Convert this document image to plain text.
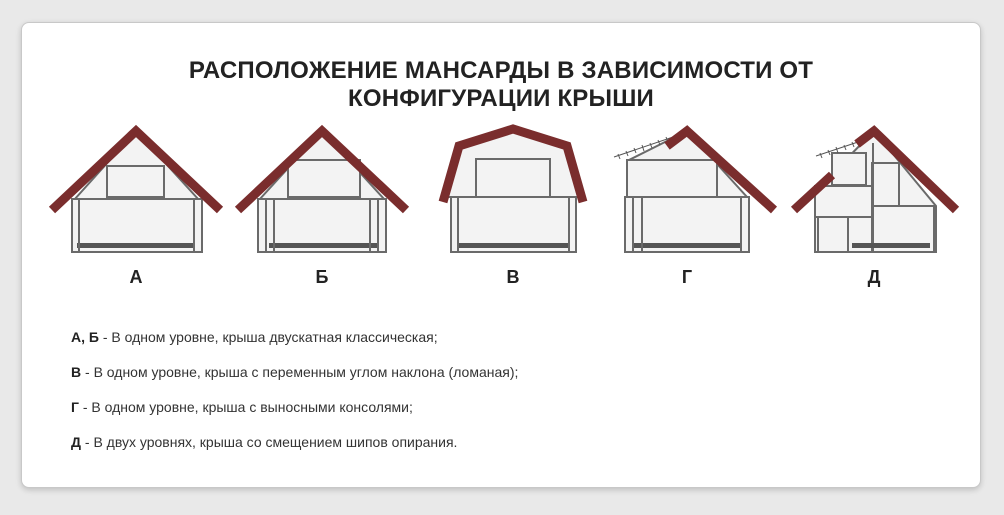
РАСПОЛОЖЕНИЕ МАНСАРДЫ В ЗАВИСИМОСТИ ОТ
КОНФИГУРАЦИИ КРЫШИ
А	Б	В	Г	Д
А, Б - В одном уровне, крыша двускатная классическая;
В - В одном уровне, крыша с переменным углом наклона (ломаная);
Г - В одном уровне, крыша с выносными консолями;
Д - В двух уровнях, крыша со смещением шипов опирания.
